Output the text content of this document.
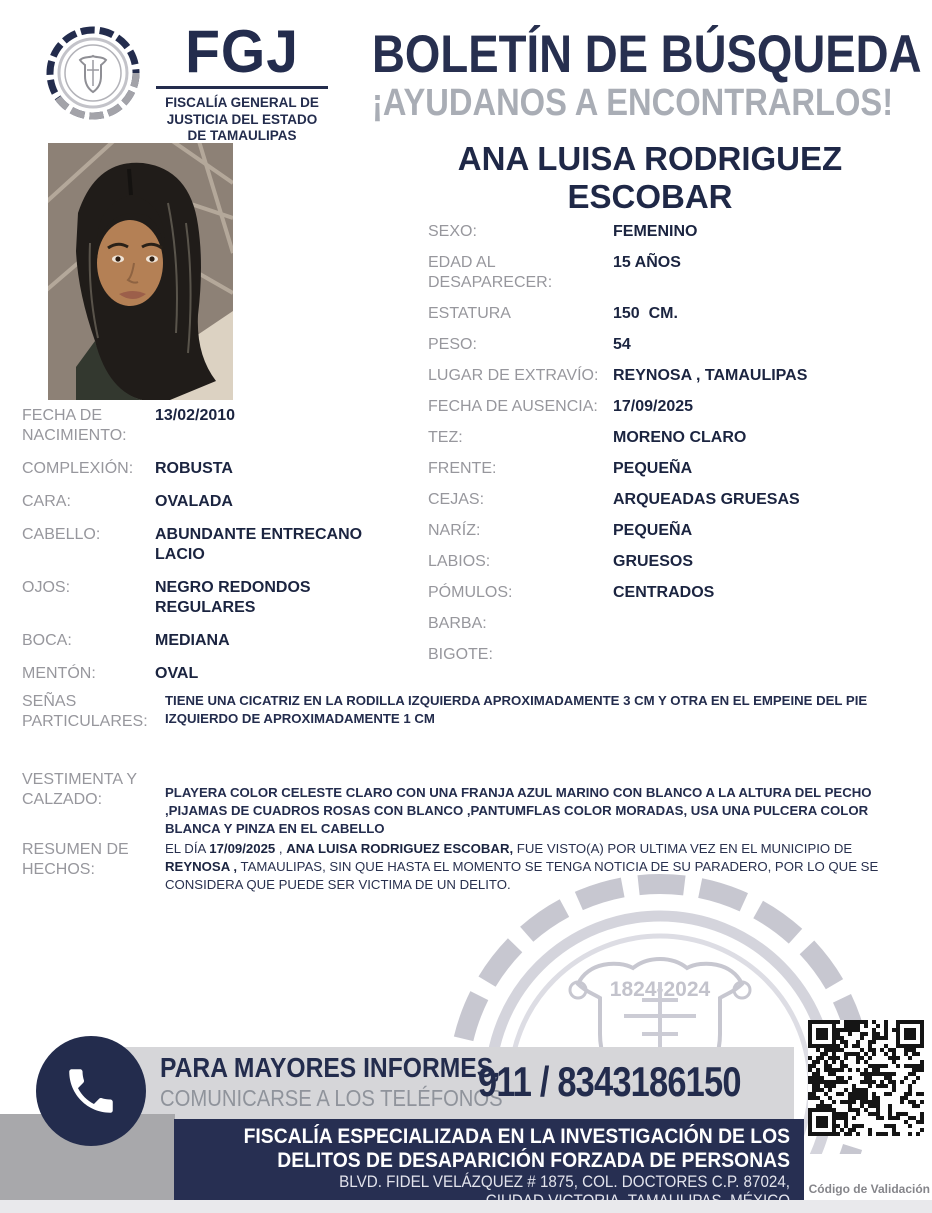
1824-2024
FGJ
FISCALÍA GENERAL DE
JUSTICIA DEL ESTADO
DE TAMAULIPAS
BOLETÍN DE BÚSQUEDA
¡AYUDANOS A ENCONTRARLOS!
ANA LUISA RODRIGUEZ
ESCOBAR
SEXO:	FEMENINO
EDAD AL DESAPARECER:
15 AÑOS
ESTATURA	150  CM.
PESO:	54
LUGAR DE EXTRAVÍO: REYNOSA , TAMAULIPAS
FECHA DE AUSENCIA: 17/09/2025
TEZ:	MORENO CLARO
FRENTE:	PEQUEÑA
CEJAS:	ARQUEADAS GRUESAS
NARÍZ:	PEQUEÑA
LABIOS:	GRUESOS
PÓMULOS:	CENTRADOS
BARBA:
BIGOTE:
FECHA DE NACIMIENTO:
13/02/2010
COMPLEXIÓN:	ROBUSTA
CARA:	OVALADA
CABELLO:	ABUNDANTE ENTRECANO LACIO
OJOS:	NEGRO REDONDOS REGULARES
BOCA:	MEDIANA
MENTÓN:	OVAL
SEÑAS PARTICULARES:
TIENE UNA CICATRIZ EN LA RODILLA IZQUIERDA APROXIMADAMENTE 3 CM Y OTRA EN EL EMPEINE DEL PIE IZQUIERDO DE APROXIMADAMENTE 1 CM
VESTIMENTA Y CALZADO:	PLAYERA COLOR CELESTE CLARO CON UNA FRANJA AZUL MARINO CON BLANCO A LA ALTURA DEL PECHO ,PIJAMAS DE CUADROS ROSAS CON BLANCO ,PANTUMFLAS COLOR MORADAS, USA UNA PULCERA COLOR BLANCA Y PINZA EN EL CABELLO
RESUMEN DE HECHOS:
EL DÍA 17/09/2025 , ANA LUISA RODRIGUEZ ESCOBAR, FUE VISTO(A) POR ULTIMA VEZ EN EL MUNICIPIO DE REYNOSA , TAMAULIPAS, SIN QUE HASTA EL MOMENTO SE TENGA NOTICIA DE SU PARADERO, POR LO QUE SE CONSIDERA QUE PUEDE SER VICTIMA DE UN DELITO.
PARA MAYORES INFORMES,
COMUNICARSE A LOS TELÉFONOS
911 / 8343186150
FISCALÍA ESPECIALIZADA EN LA INVESTIGACIÓN DE LOS
DELITOS DE DESAPARICIÓN FORZADA DE PERSONAS
BLVD. FIDEL VELÁZQUEZ # 1875, COL. DOCTORES C.P. 87024,	Código de Validación
